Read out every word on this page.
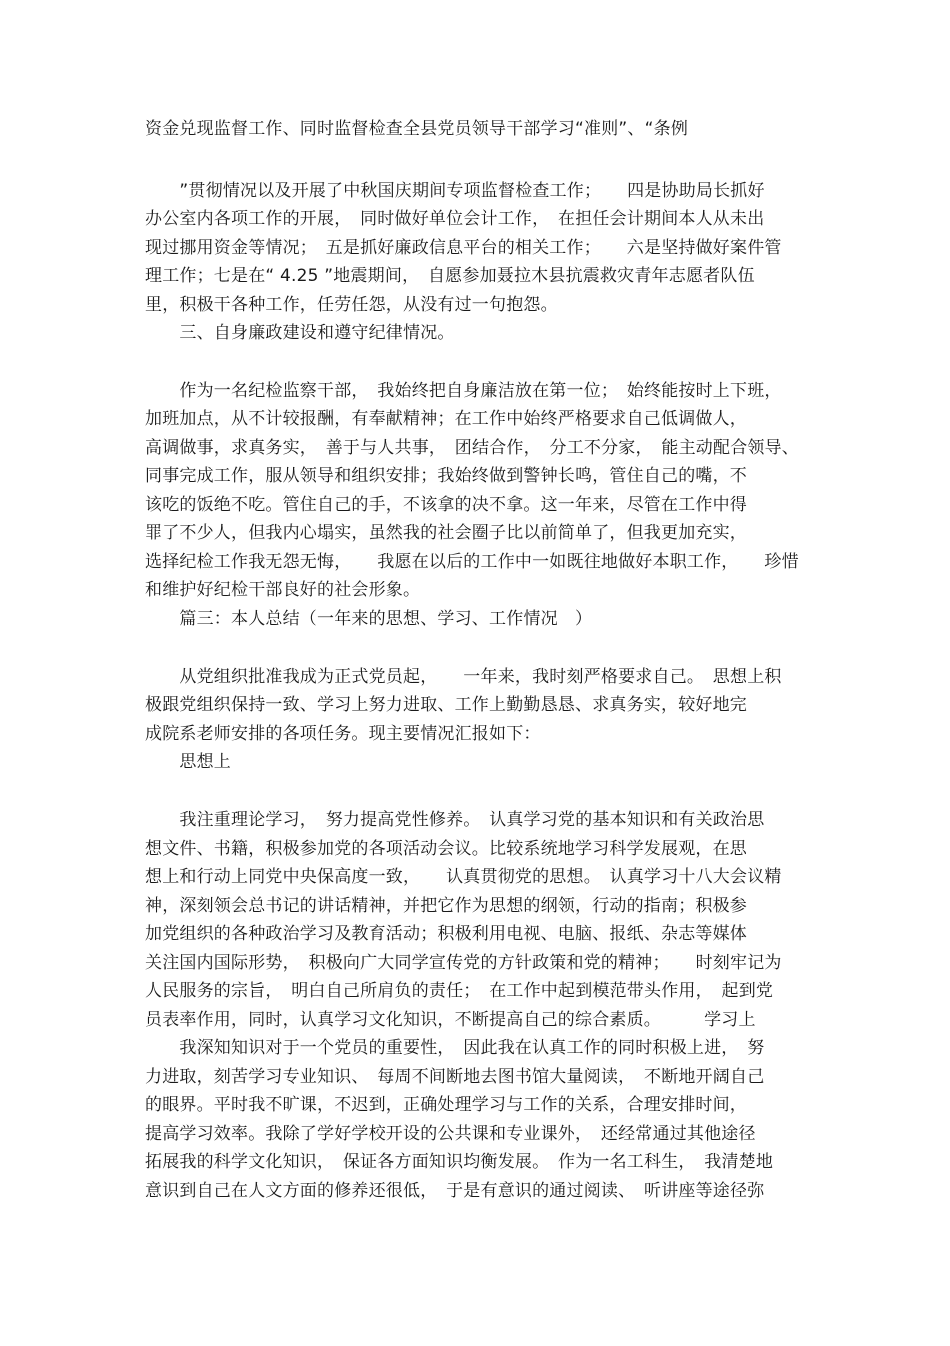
资金兑现监督工作、同时监督检查全县党员领导干部学习“准则”、“条例
　　”贯彻情况以及开展了中秋国庆期间专项监督检查工作；　　四是协助局长抓好
办公室内各项工作的开展，　同时做好单位会计工作，　在担任会计期间本人从未出
现过挪用资金等情况；　五是抓好廉政信息平台的相关工作；　　六是坚持做好案件管
理工作；七是在“ 4.25 ”地震期间，　自愿参加聂拉木县抗震救灾青年志愿者队伍
里，积极干各种工作，任劳任怨，从没有过一句抱怨。
　　三、自身廉政建设和遵守纪律情况。
　　作为一名纪检监察干部，　我始终把自身廉洁放在第一位；　始终能按时上下班，
加班加点，从不计较报酬，有奉献精神；在工作中始终严格要求自己低调做人，
高调做事，求真务实，　善于与人共事，　团结合作，　分工不分家，　能主动配合领导、
同事完成工作，服从领导和组织安排；我始终做到警钟长鸣，管住自己的嘴，不
该吃的饭绝不吃。管住自己的手，不该拿的决不拿。这一年来，尽管在工作中得
罪了不少人，但我内心塌实，虽然我的社会圈子比以前简单了，但我更加充实，
选择纪检工作我无怨无悔，　　我愿在以后的工作中一如既往地做好本职工作，　　珍惜
和维护好纪检干部良好的社会形象。
　　篇三：本人总结（一年来的思想、学习、工作情况　）
　　从党组织批准我成为正式党员起，　　一年来，我时刻严格要求自己。　思想上积
极跟党组织保持一致、学习上努力进取、工作上勤勤恳恳、求真务实，较好地完
成院系老师安排的各项任务。现主要情况汇报如下：
　　思想上
　　我注重理论学习，　努力提高党性修养。　认真学习党的基本知识和有关政治思
想文件、书籍，积极参加党的各项活动会议。比较系统地学习科学发展观，在思
想上和行动上同党中央保高度一致，　　认真贯彻党的思想。　认真学习十八大会议精
神，深刻领会总书记的讲话精神，并把它作为思想的纲领，行动的指南；积极参
加党组织的各种政治学习及教育活动；积极利用电视、电脑、报纸、杂志等媒体
关注国内国际形势，　积极向广大同学宣传党的方针政策和党的精神；　　时刻牢记为
人民服务的宗旨，　明白自己所肩负的责任；　在工作中起到模范带头作用，　起到党
员表率作用，同时，认真学习文化知识，不断提高自己的综合素质。　　　学习上
　　我深知知识对于一个党员的重要性，　因此我在认真工作的同时积极上进，　努
力进取，刻苦学习专业知识、　每周不间断地去图书馆大量阅读，　不断地开阔自己
的眼界。平时我不旷课，不迟到，正确处理学习与工作的关系，合理安排时间，
提高学习效率。我除了学好学校开设的公共课和专业课外，　还经常通过其他途径
拓展我的科学文化知识，　保证各方面知识均衡发展。　作为一名工科生，　我清楚地
意识到自己在人文方面的修养还很低，　于是有意识的通过阅读、　听讲座等途径弥
